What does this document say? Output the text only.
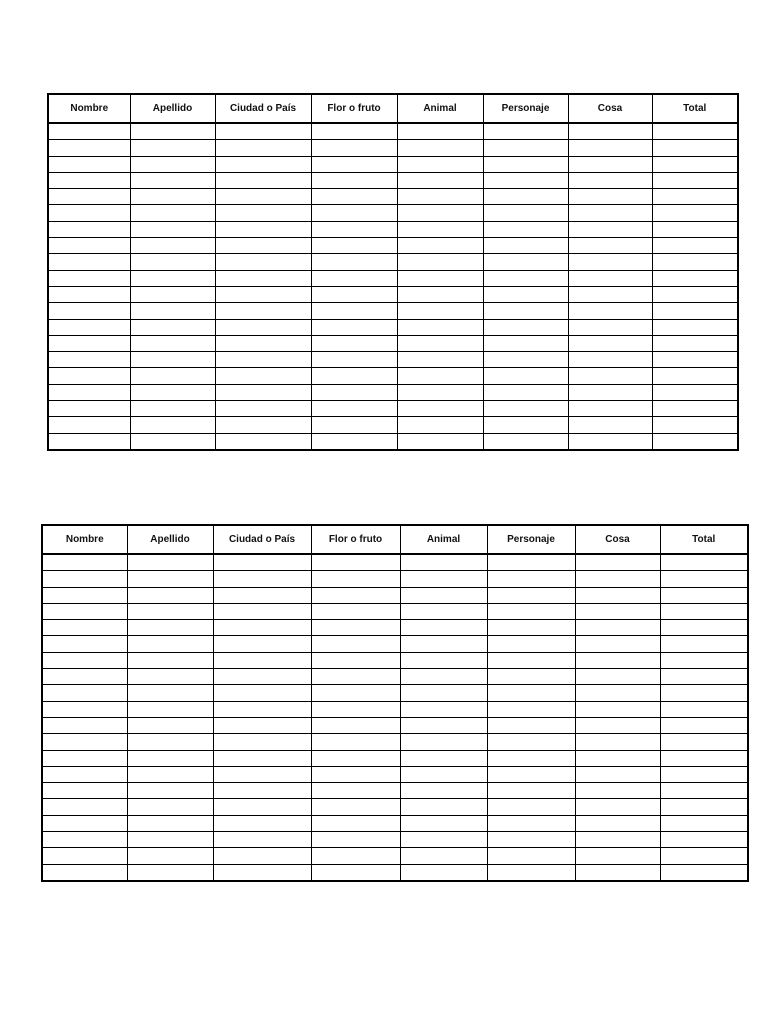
Nombre	Apellido	Ciudad o País	Flor o fruto	Animal	Personaje	Cosa	Total

Nombre	Apellido	Ciudad o País	Flor o fruto	Animal	Personaje	Cosa	Total
